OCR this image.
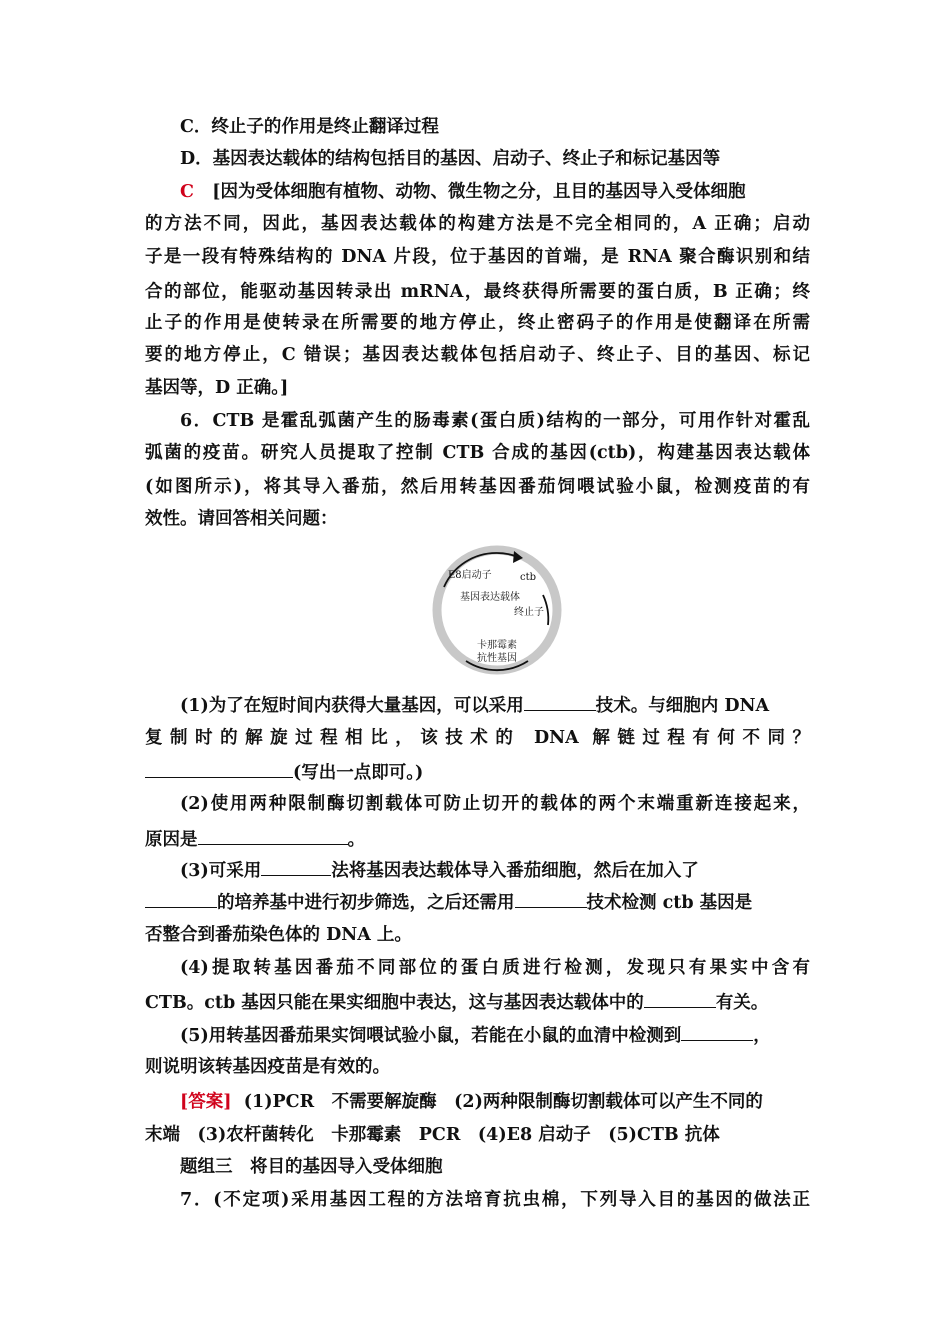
C．终止子的作用是终止翻译过程
D．基因表达载体的结构包括目的基因、启动子、终止子和标记基因等
C [因为受体细胞有植物、动物、微生物之分，且目的基因导入受体细胞
的方法不同，因此，基因表达载体的构建方法是不完全相同的，A 正确；启动
子是一段有特殊结构的 DNA 片段，位于基因的首端，是 RNA 聚合酶识别和结
合的部位，能驱动基因转录出 mRNA，最终获得所需要的蛋白质，B 正确；终
止子的作用是使转录在所需要的地方停止，终止密码子的作用是使翻译在所需
要的地方停止，C 错误；基因表达载体包括启动子、终止子、目的基因、标记
基因等，D 正确。]
6．CTB 是霍乱弧菌产生的肠毒素(蛋白质)结构的一部分，可用作针对霍乱
弧菌的疫苗。研究人员提取了控制 CTB 合成的基因(ctb)，构建基因表达载体
(如图所示)，将其导入番茄，然后用转基因番茄饲喂试验小鼠，检测疫苗的有
效性。请回答相关问题：
E8启动子	ctb
基因表达载体
终止子
卡那霉素
抗性基因
(1)为了在短时间内获得大量基因，可以采用	技术。与细胞内 DNA
复制时的解旋过程相比，该技术的 DNA 解链过程有何不同？
(写出一点即可。)
(2)使用两种限制酶切割载体可防止切开的载体的两个末端重新连接起来，
原因是	。
(3)可采用	法将基因表达载体导入番茄细胞，然后在加入了
的培养基中进行初步筛选，之后还需用	技术检测 ctb 基因是
否整合到番茄染色体的 DNA 上。
(4)提取转基因番茄不同部位的蛋白质进行检测，发现只有果实中含有
CTB。ctb 基因只能在果实细胞中表达，这与基因表达载体中的	有关。
(5)用转基因番茄果实饲喂试验小鼠，若能在小鼠的血清中检测到	，
则说明该转基因疫苗是有效的。
[答案] (1)PCR　不需要解旋酶　(2)两种限制酶切割载体可以产生不同的
末端　(3)农杆菌转化　卡那霉素　PCR　(4)E8 启动子　(5)CTB 抗体
题组三　将目的基因导入受体细胞
7．(不定项)采用基因工程的方法培育抗虫棉，下列导入目的基因的做法正
